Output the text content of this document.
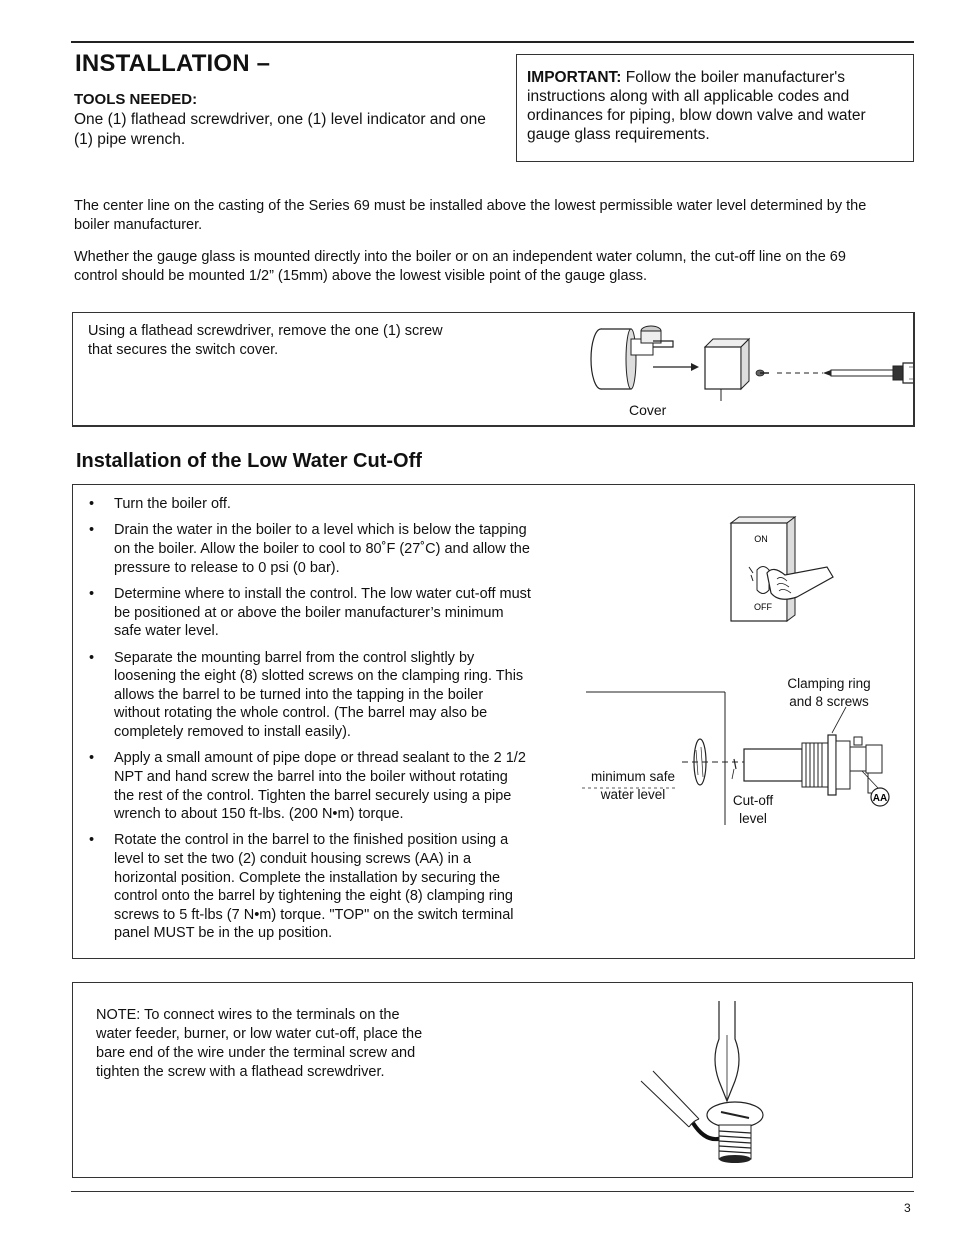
INSTALLATION –
TOOLS NEEDED:
One (1) flathead screwdriver, one (1) level indicator and one (1) pipe wrench.
IMPORTANT: Follow the boiler manufacturer's instructions along with all applicable codes and ordinances for piping, blow down valve and water gauge glass requirements.

The center line on the casting of the Series 69 must be installed above the lowest permissible water level determined by the boiler manufacturer.

Whether the gauge glass is mounted directly into the boiler or on an independent water column, the cut-off line on the 69 control should be mounted 1/2” (15mm) above the lowest visible point of the gauge glass.

Using a flathead screwdriver, remove the one (1) screw that secures the switch cover.
Cover
Installation of the Low Water Cut-Off
• Turn the boiler off.
• Drain the water in the boiler to a level which is below the tapping on the boiler. Allow the boiler to cool to 80˚F (27˚C) and allow the pressure to release to 0 psi (0 bar).
• Determine where to install the control. The low water cut-off must be positioned at or above the boiler manufacturer’s minimum safe water level.
• Separate the mounting barrel from the control slightly by loosening the eight (8) slotted screws on the clamping ring. This allows the barrel to be turned into the tapping in the boiler without rotating the whole control. (The barrel may also be completely removed to install easily).
• Apply a small amount of pipe dope or thread sealant to the 2 1/2 NPT and hand screw the barrel into the boiler without rotating the rest of the control. Tighten the barrel securely using a pipe wrench to about 150 ft-lbs. (200 N•m) torque.
• Rotate the control in the barrel to the finished position using a level to set the two (2) conduit housing screws (AA) in a horizontal position. Complete the installation by securing the control onto the barrel by tightening the eight (8) clamping ring screws to 5 ft-lbs (7 N•m) torque. "TOP" on the switch terminal panel MUST be in the up position.
ON
OFF
AA
Clamping ring
and 8 screws
minimum safe
water level	Cut-off
level
NOTE: To connect wires to the terminals on the water feeder, burner, or low water cut-off, place the bare end of the wire under the terminal screw and tighten the screw with a flathead screwdriver.
3
